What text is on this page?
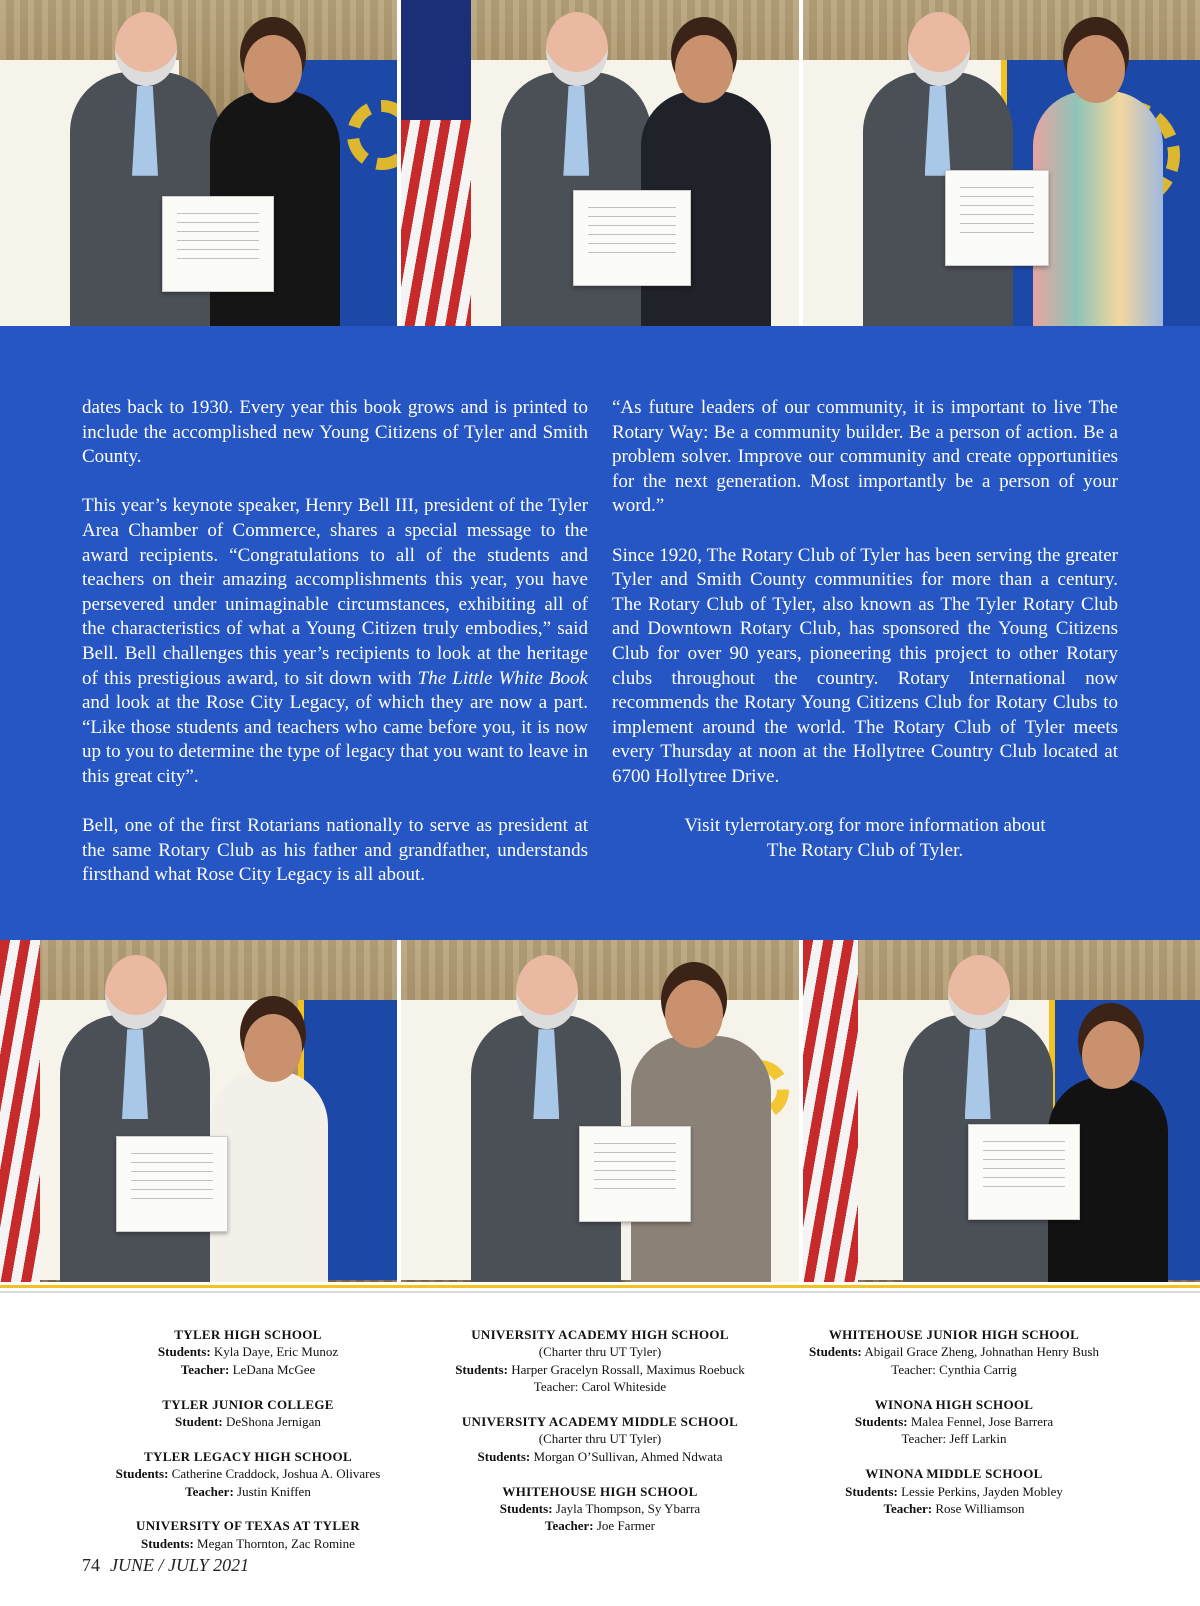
dates back to 1930. Every year this book grows and is printed to include the accomplished new Young Citizens of Tyler and Smith County.

This year’s keynote speaker, Henry Bell III, president of the Tyler Area Chamber of Commerce, shares a special message to the award recipients. “Congratulations to all of the students and teachers on their amazing accomplishments this year, you have persevered under unimaginable circumstances, exhibiting all of the characteristics of what a Young Citizen truly embodies,” said Bell. Bell challenges this year’s recipients to look at the heritage of this prestigious award, to sit down with The Little White Book and look at the Rose City Legacy, of which they are now a part. “Like those students and teachers who came before you, it is now up to you to determine the type of legacy that you want to leave in this great city”.

Bell, one of the first Rotarians nationally to serve as president at the same Rotary Club as his father and grandfather, understands firsthand what Rose City Legacy is all about.

“As future leaders of our community, it is important to live The Rotary Way: Be a community builder. Be a person of action. Be a problem solver. Improve our community and create opportunities for the next generation. Most importantly be a person of your word.”

Since 1920, The Rotary Club of Tyler has been serving the greater Tyler and Smith County communities for more than a century. The Rotary Club of Tyler, also known as The Tyler Rotary Club and Downtown Rotary Club, has sponsored the Young Citizens Club for over 90 years, pioneering this project to other Rotary clubs throughout the country. Rotary International now recommends the Rotary Young Citizens Club for Rotary Clubs to implement around the world. The Rotary Club of Tyler meets every Thursday at noon at the Hollytree Country Club located at 6700 Hollytree Drive.

Visit tylerrotary.org for more information about
The Rotary Club of Tyler.

TYLER HIGH SCHOOL
Students: Kyla Daye, Eric Munoz
Teacher: LeDana McGee
TYLER JUNIOR COLLEGE
Student: DeShona Jernigan
TYLER LEGACY HIGH SCHOOL
Students: Catherine Craddock, Joshua A. Olivares
Teacher: Justin Kniffen
UNIVERSITY OF TEXAS AT TYLER
Students: Megan Thornton, Zac Romine
UNIVERSITY ACADEMY HIGH SCHOOL
(Charter thru UT Tyler)
Students: Harper Gracelyn Rossall, Maximus Roebuck
Teacher: Carol Whiteside
UNIVERSITY ACADEMY MIDDLE SCHOOL
(Charter thru UT Tyler)
Students: Morgan O’Sullivan, Ahmed Ndwata
WHITEHOUSE HIGH SCHOOL
Students: Jayla Thompson, Sy Ybarra
Teacher: Joe Farmer
WHITEHOUSE JUNIOR HIGH SCHOOL
Students: Abigail Grace Zheng, Johnathan Henry Bush
Teacher: Cynthia Carrig
WINONA HIGH SCHOOL
Students: Malea Fennel, Jose Barrera
Teacher: Jeff Larkin
WINONA MIDDLE SCHOOL
Students: Lessie Perkins, Jayden Mobley
Teacher: Rose Williamson
74 JUNE / JULY 2021
